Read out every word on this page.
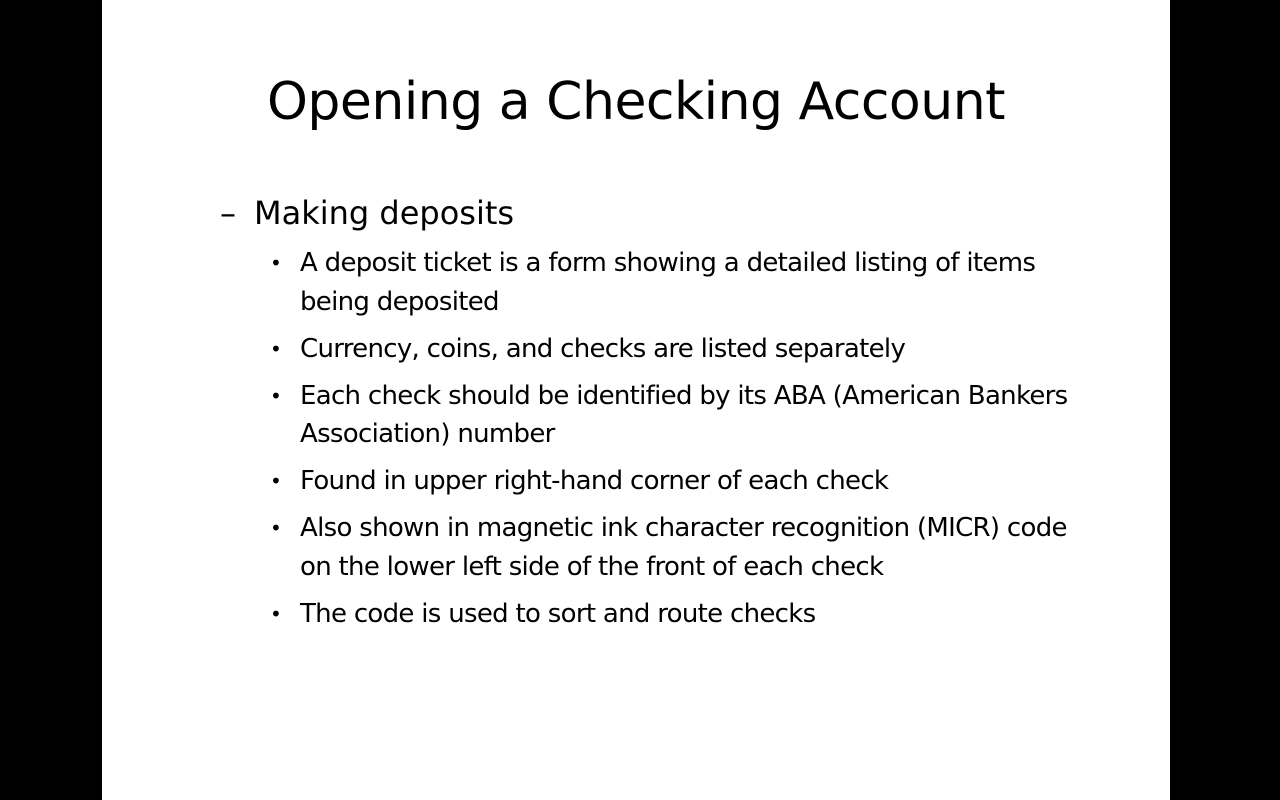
Opening a Checking Account
– Making deposits
• A deposit ticket is a form showing a detailed listing of items being deposited
• Currency, coins, and checks are listed separately
• Each check should be identified by its ABA (American Bankers Association) number
• Found in upper right-hand corner of each check
• Also shown in magnetic ink character recognition (MICR) code on the lower left side of the front of each check
• The code is used to sort and route checks
